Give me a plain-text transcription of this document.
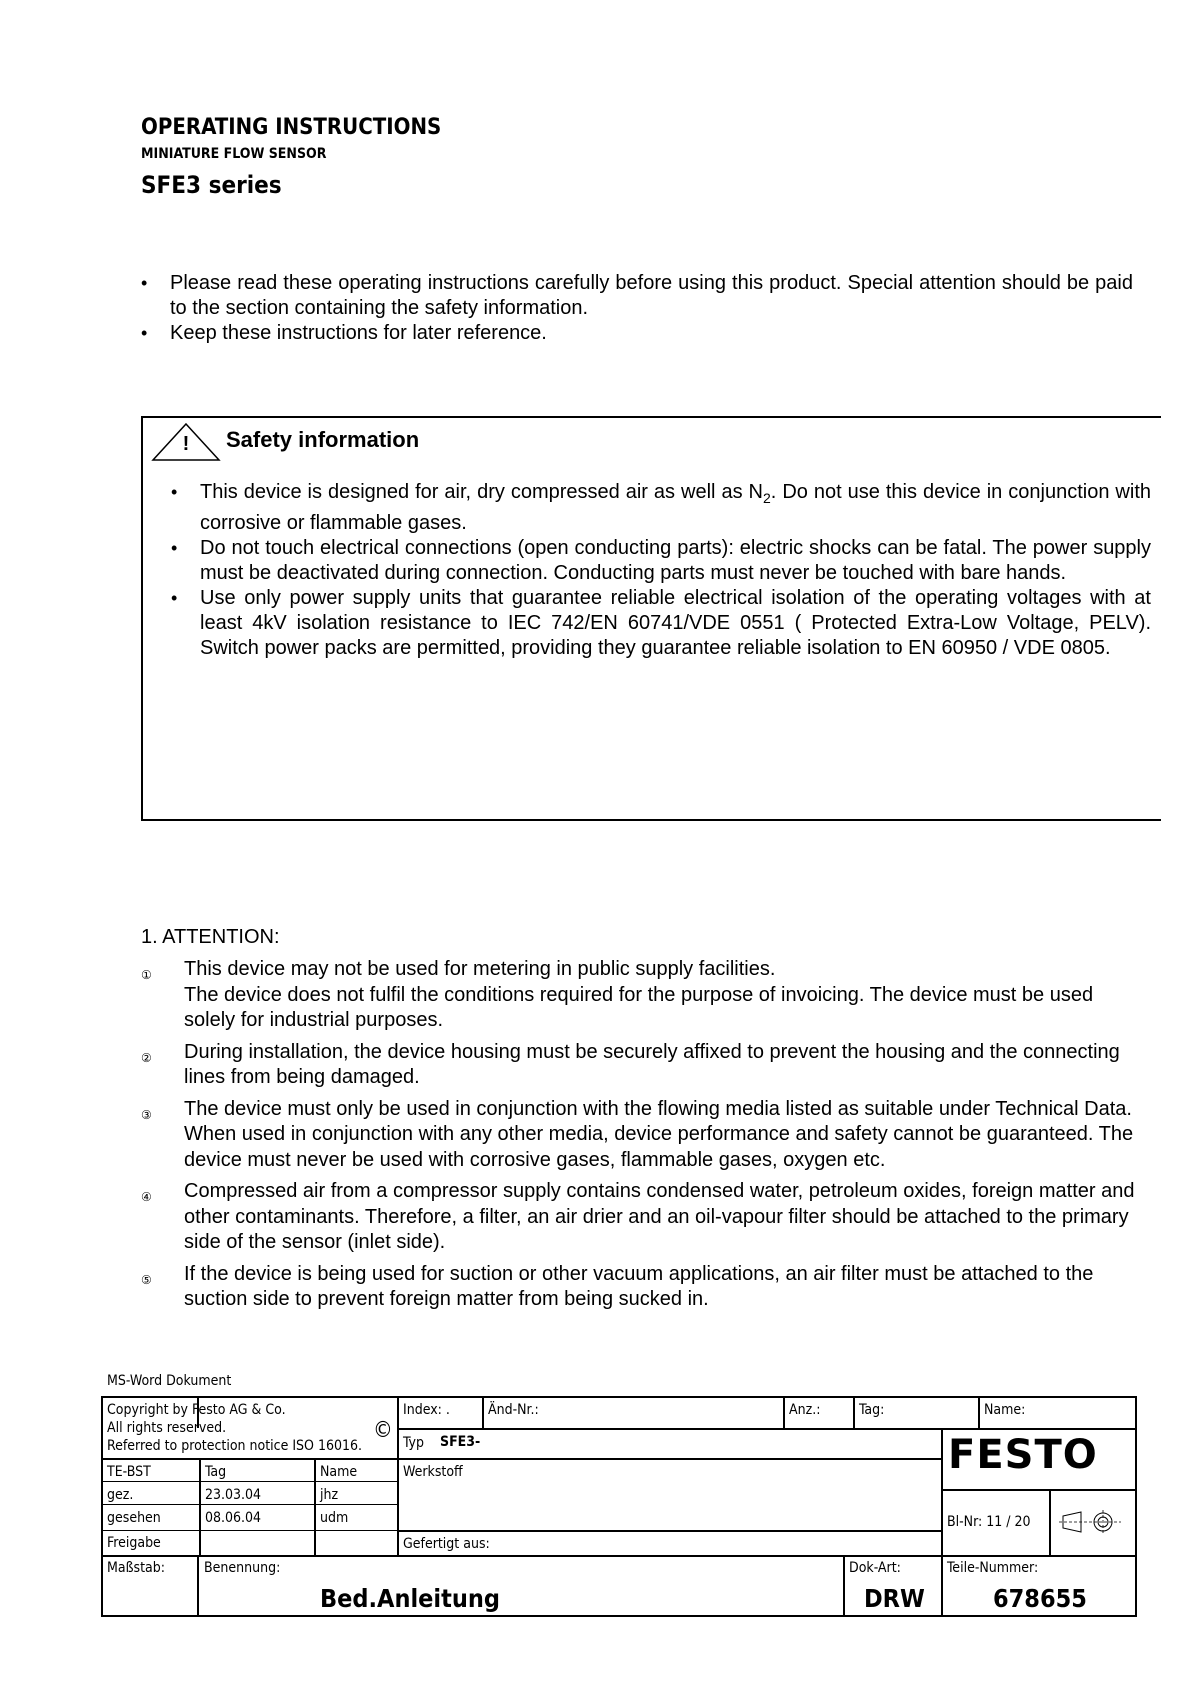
OPERATING INSTRUCTIONS
MINIATURE FLOW SENSOR
SFE3 series
• Please read these operating instructions carefully before using this product. Special attention should be paid to the section containing the safety information.
• Keep these instructions for later reference.
! Safety information
• This device is designed for air, dry compressed air as well as $N_2$. Do not use this device in conjunction with corrosive or flammable gases.
• Do not touch electrical connections (open conducting parts): electric shocks can be fatal. The power supply must be deactivated during connection. Conducting parts must never be touched with bare hands.
• Use only power supply units that guarantee reliable electrical isolation of the operating voltages with at least 4kV isolation resistance to IEC 742/EN 60741/VDE 0551 ( Protected Extra-Low Voltage, PELV). Switch power packs are permitted, providing they guarantee reliable isolation to EN 60950 / VDE 0805.
1. ATTENTION:
① This device may not be used for metering in public supply facilities.
The device does not fulfil the conditions required for the purpose of invoicing. The device must be used solely for industrial purposes.
② During installation, the device housing must be securely affixed to prevent the housing and the connecting lines from being damaged.
③ The device must only be used in conjunction with the flowing media listed as suitable under Technical Data. When used in conjunction with any other media, device performance and safety cannot be guaranteed. The device must never be used with corrosive gases, flammable gases, oxygen etc.
④ Compressed air from a compressor supply contains condensed water, petroleum oxides, foreign matter and other contaminants. Therefore, a filter, an air drier and an oil-vapour filter should be attached to the primary side of the sensor (inlet side).
⑤ If the device is being used for suction or other vacuum applications, an air filter must be attached to the suction side to prevent foreign matter from being sucked in.
MS-Word Dokument
Copyright by Festo AG & Co.
All rights reserved.
Referred to protection notice ISO 16016.
©
Index: .	Änd-Nr.:	Anz.:	Tag:	Name:
Typ SFE3-
Werkstoff
Gefertigt aus:
TE-BST	Tag	Name
gez.	23.03.04	jhz
gesehen	08.06.04	udm
Freigabe
Maßstab:	Benennung:
Bed.Anleitung
Dok-Art:
DRW
Teile-Nummer:
678655
FESTO
Bl-Nr: 11 / 20
